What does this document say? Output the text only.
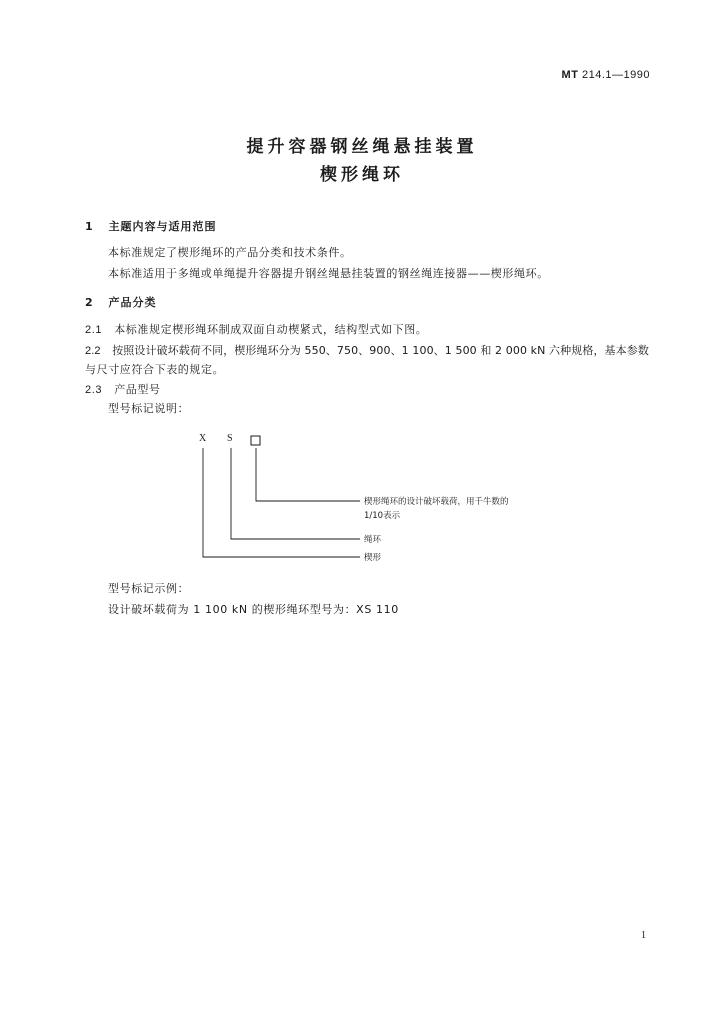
MT 214.1—1990
提升容器钢丝绳悬挂装置
楔形绳环
1 主题内容与适用范围
本标准规定了楔形绳环的产品分类和技术条件。
本标准适用于多绳或单绳提升容器提升钢丝绳悬挂装置的钢丝绳连接器——楔形绳环。
2 产品分类
2.1 本标准规定楔形绳环制成双面自动楔紧式，结构型式如下图。
2.2 按照设计破坏载荷不同，楔形绳环分为 550、750、900、1 100、1 500 和 2 000 kN 六种规格，基本参数
与尺寸应符合下表的规定。
2.3 产品型号
型号标记说明：
X S
楔形绳环的设计破坏载荷，用千牛数的
1/10表示
绳环
楔形
型号标记示例：
设计破坏载荷为 1 100 kN 的楔形绳环型号为：XS 110
1
